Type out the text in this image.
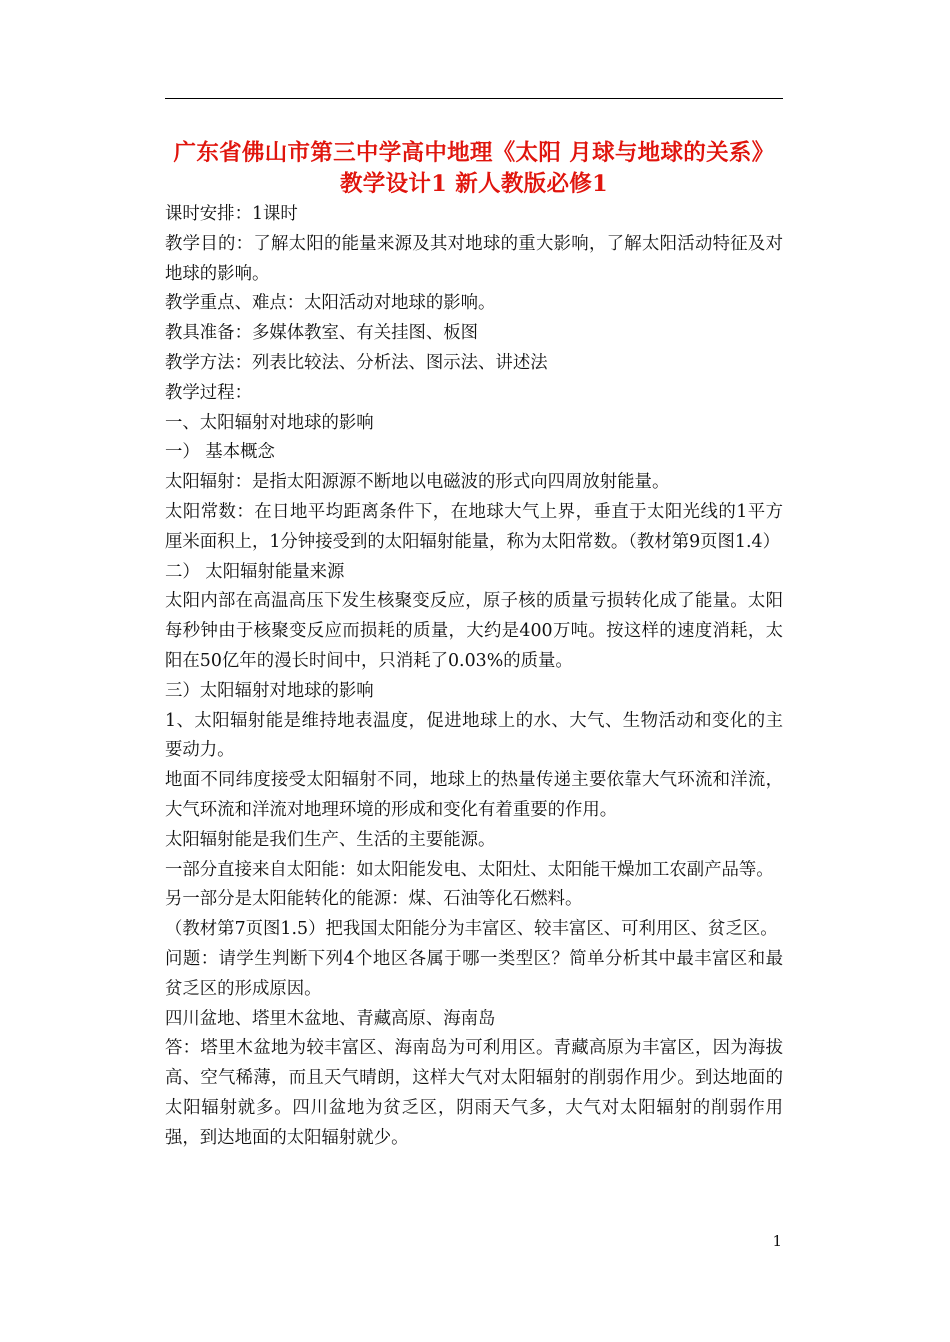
广东省佛山市第三中学高中地理《太阳 月球与地球的关系》教学设计1 新人教版必修1

课时安排：1课时

教学目的：了解太阳的能量来源及其对地球的重大影响，了解太阳活动特征及对地球的影响。

教学重点、难点：太阳活动对地球的影响。

教具准备：多媒体教室、有关挂图、板图

教学方法：列表比较法、分析法、图示法、讲述法

教学过程：

一、太阳辐射对地球的影响

一） 基本概念

太阳辐射：是指太阳源源不断地以电磁波的形式向四周放射能量。

太阳常数：在日地平均距离条件下，在地球大气上界，垂直于太阳光线的1平方厘米面积上，1分钟接受到的太阳辐射能量，称为太阳常数。（教材第9页图1.4）

二） 太阳辐射能量来源

太阳内部在高温高压下发生核聚变反应，原子核的质量亏损转化成了能量。太阳每秒钟由于核聚变反应而损耗的质量，大约是400万吨。按这样的速度消耗，太阳在50亿年的漫长时间中，只消耗了0.03%的质量。

三）太阳辐射对地球的影响

1、太阳辐射能是维持地表温度，促进地球上的水、大气、生物活动和变化的主要动力。

地面不同纬度接受太阳辐射不同，地球上的热量传递主要依靠大气环流和洋流，大气环流和洋流对地理环境的形成和变化有着重要的作用。

太阳辐射能是我们生产、生活的主要能源。

一部分直接来自太阳能：如太阳能发电、太阳灶、太阳能干燥加工农副产品等。

另一部分是太阳能转化的能源：煤、石油等化石燃料。

（教材第7页图1.5）把我国太阳能分为丰富区、较丰富区、可利用区、贫乏区。

问题：请学生判断下列4个地区各属于哪一类型区？简单分析其中最丰富区和最贫乏区的形成原因。

四川盆地、塔里木盆地、青藏高原、海南岛

答：塔里木盆地为较丰富区、海南岛为可利用区。青藏高原为丰富区，因为海拔高、空气稀薄，而且天气晴朗，这样大气对太阳辐射的削弱作用少。到达地面的太阳辐射就多。四川盆地为贫乏区，阴雨天气多，大气对太阳辐射的削弱作用强，到达地面的太阳辐射就少。

1
